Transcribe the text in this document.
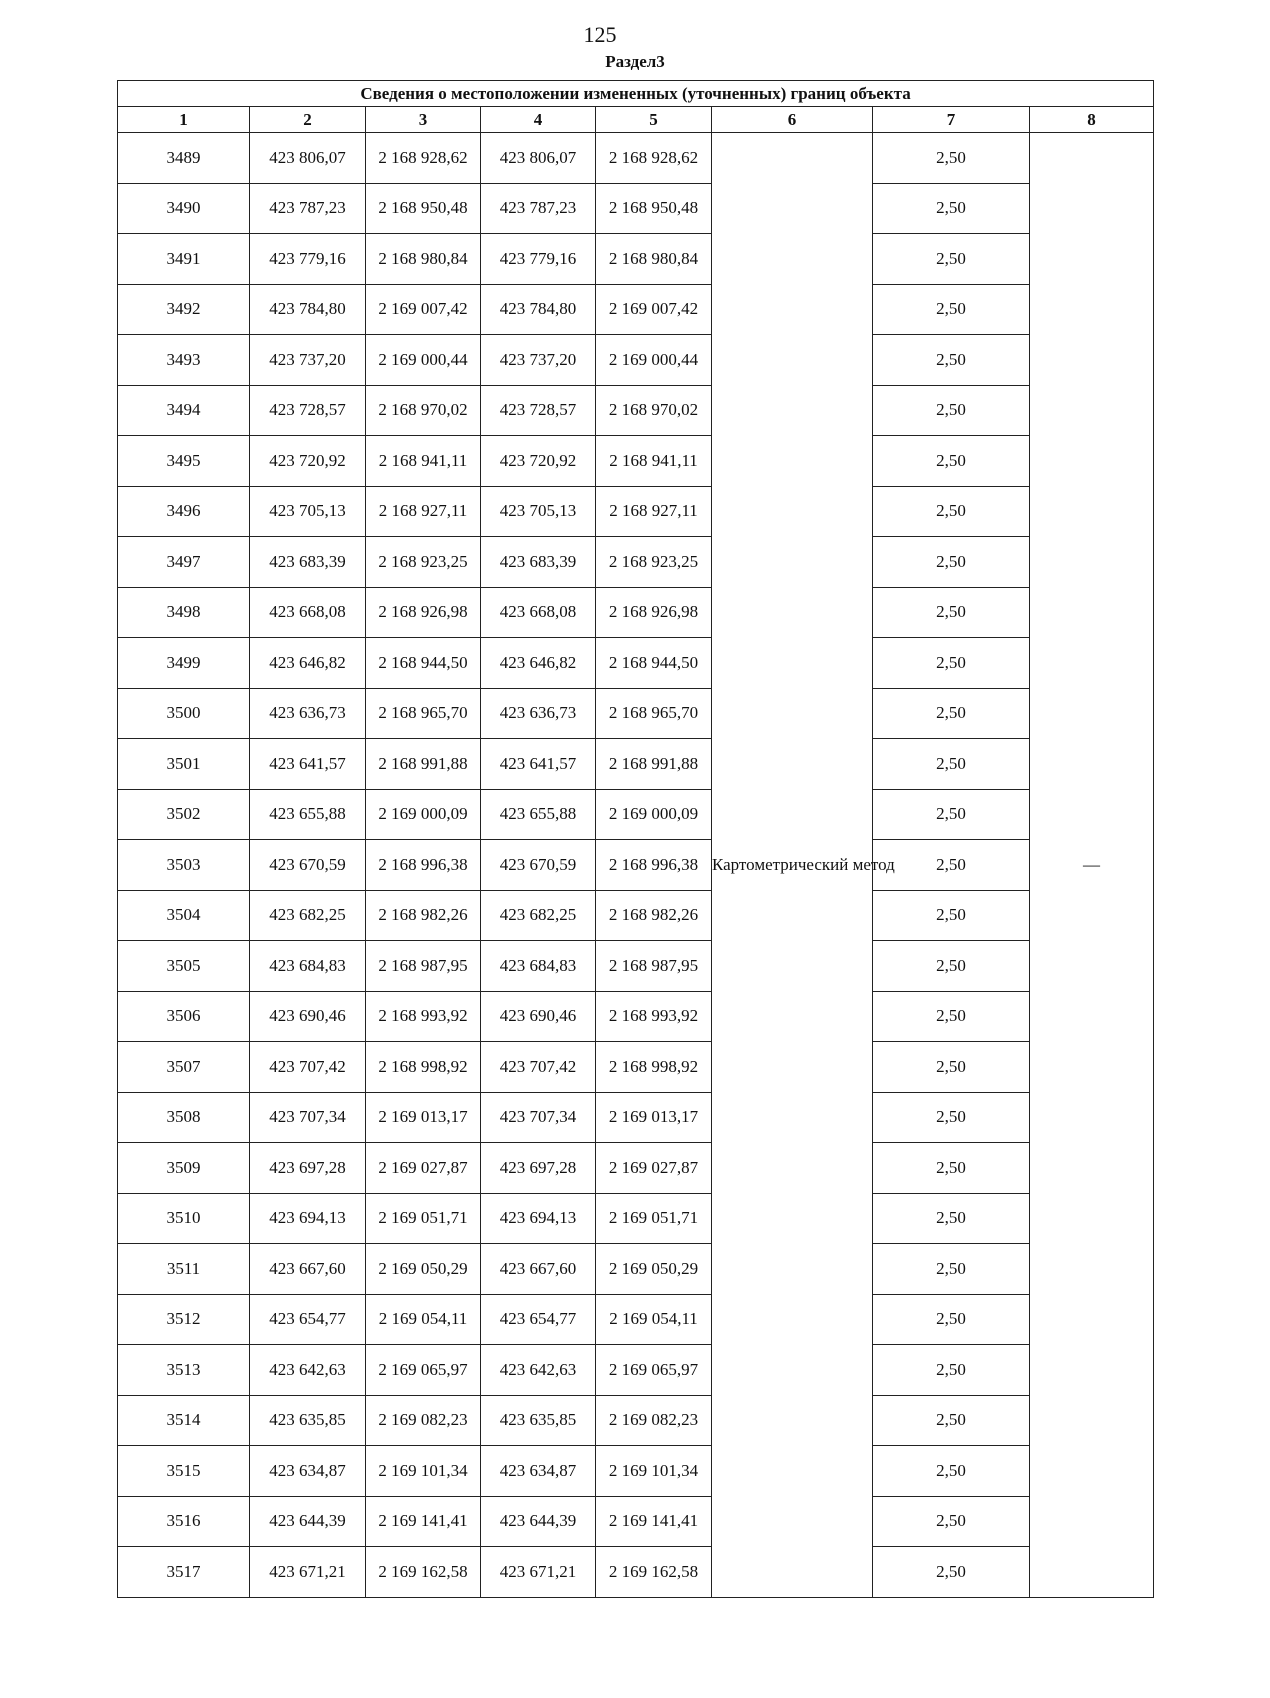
125
Раздел3
Сведения о местоположении измененных (уточненных) границ объекта							
1	2	3	4	5	6	7	8
3489	423 806,07	2 168 928,62	423 806,07	2 168 928,62	Картометрический метод	2,50	—
3490	423 787,23	2 168 950,48	423 787,23	2 168 950,48		2,50	
3491	423 779,16	2 168 980,84	423 779,16	2 168 980,84		2,50	
3492	423 784,80	2 169 007,42	423 784,80	2 169 007,42		2,50	
3493	423 737,20	2 169 000,44	423 737,20	2 169 000,44		2,50	
3494	423 728,57	2 168 970,02	423 728,57	2 168 970,02		2,50	
3495	423 720,92	2 168 941,11	423 720,92	2 168 941,11		2,50	
3496	423 705,13	2 168 927,11	423 705,13	2 168 927,11		2,50	
3497	423 683,39	2 168 923,25	423 683,39	2 168 923,25		2,50	
3498	423 668,08	2 168 926,98	423 668,08	2 168 926,98		2,50	
3499	423 646,82	2 168 944,50	423 646,82	2 168 944,50		2,50	
3500	423 636,73	2 168 965,70	423 636,73	2 168 965,70		2,50	
3501	423 641,57	2 168 991,88	423 641,57	2 168 991,88		2,50	
3502	423 655,88	2 169 000,09	423 655,88	2 169 000,09		2,50	
3503	423 670,59	2 168 996,38	423 670,59	2 168 996,38		2,50	
3504	423 682,25	2 168 982,26	423 682,25	2 168 982,26		2,50	
3505	423 684,83	2 168 987,95	423 684,83	2 168 987,95		2,50	
3506	423 690,46	2 168 993,92	423 690,46	2 168 993,92		2,50	
3507	423 707,42	2 168 998,92	423 707,42	2 168 998,92		2,50	
3508	423 707,34	2 169 013,17	423 707,34	2 169 013,17		2,50	
3509	423 697,28	2 169 027,87	423 697,28	2 169 027,87		2,50	
3510	423 694,13	2 169 051,71	423 694,13	2 169 051,71		2,50	
3511	423 667,60	2 169 050,29	423 667,60	2 169 050,29		2,50	
3512	423 654,77	2 169 054,11	423 654,77	2 169 054,11		2,50	
3513	423 642,63	2 169 065,97	423 642,63	2 169 065,97		2,50	
3514	423 635,85	2 169 082,23	423 635,85	2 169 082,23		2,50	
3515	423 634,87	2 169 101,34	423 634,87	2 169 101,34		2,50	
3516	423 644,39	2 169 141,41	423 644,39	2 169 141,41		2,50	
3517	423 671,21	2 169 162,58	423 671,21	2 169 162,58		2,50	
